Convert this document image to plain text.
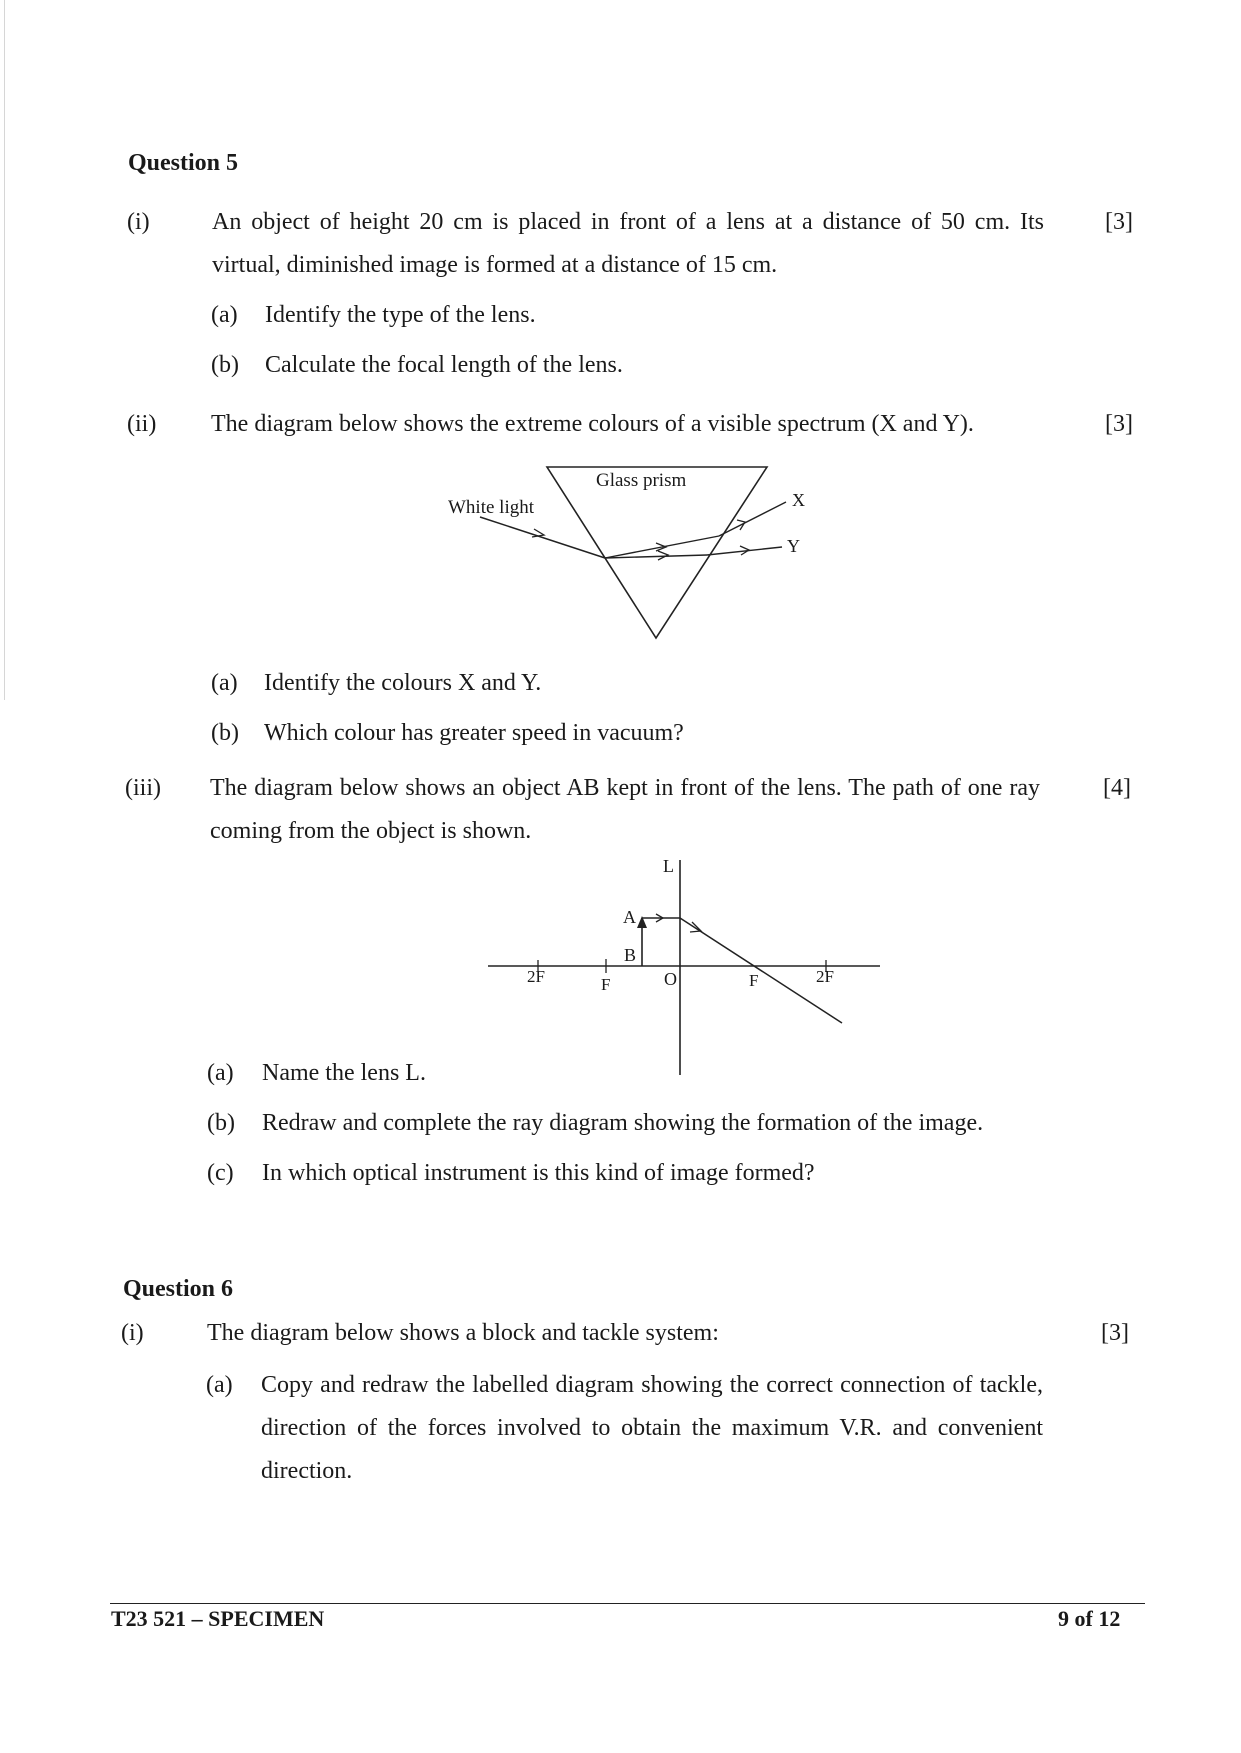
Question 5
(i)	An object of height 20 cm is placed in front of a lens at a distance of 50 cm. Its virtual, diminished image is formed at a distance of 15 cm.
[3]
(a) Identify the type of the lens.
(b) Calculate the focal length of the lens.
(ii) The diagram below shows the extreme colours of a visible spectrum (X and Y).	[3]
Glass prism
White light	X
Y
(a) Identify the colours X and Y.
(b) Which colour has greater speed in vacuum?
(iii) The diagram below shows an object AB kept in front of the lens. The path of one ray coming from the object is shown.
[4]
L
A
B
2F	F	O	F	2F
(a) Name the lens L.
(b) Redraw and complete the ray diagram showing the formation of the image.
(c) In which optical instrument is this kind of image formed?
Question 6
(i)	The diagram below shows a block and tackle system:	[3]
(a) Copy and redraw the labelled diagram showing the correct connection of tackle, direction of the forces involved to obtain the maximum V.R. and convenient direction.
T23 521 – SPECIMEN	9 of 12
